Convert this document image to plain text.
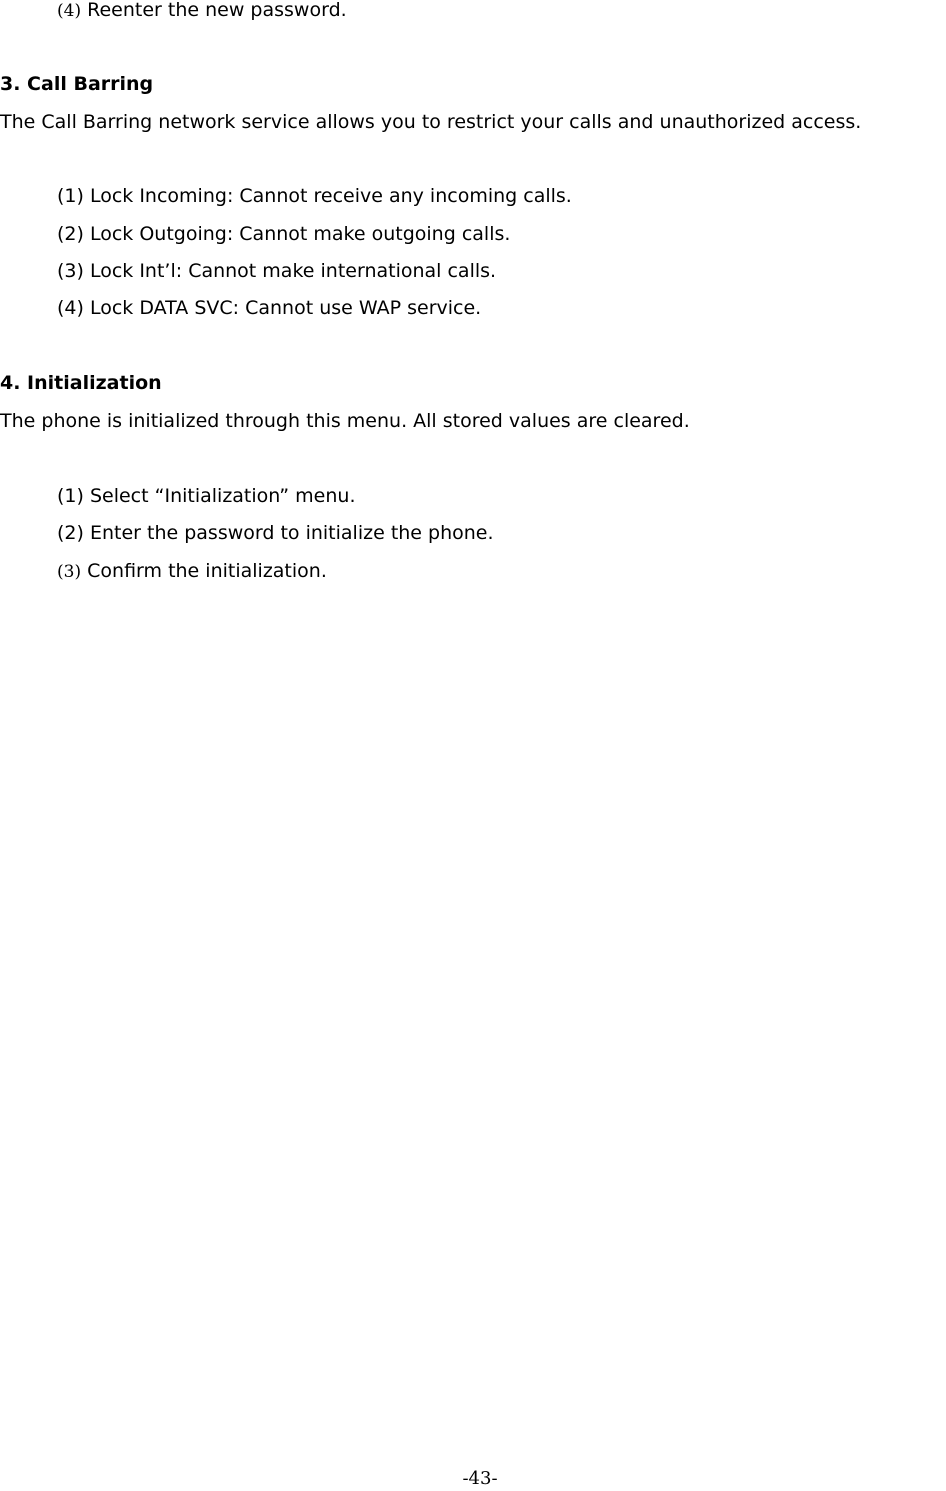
(4) Reenter the new password.
3. Call Barring
The Call Barring network service allows you to restrict your calls and unauthorized access.
(1) Lock Incoming: Cannot receive any incoming calls.
(2) Lock Outgoing: Cannot make outgoing calls.
(3) Lock Int’l: Cannot make international calls.
(4) Lock DATA SVC: Cannot use WAP service.
4. Initialization
The phone is initialized through this menu. All stored values are cleared.
(1) Select “Initialization” menu.
(2) Enter the password to initialize the phone.
(3) Confirm the initialization.
-43-
